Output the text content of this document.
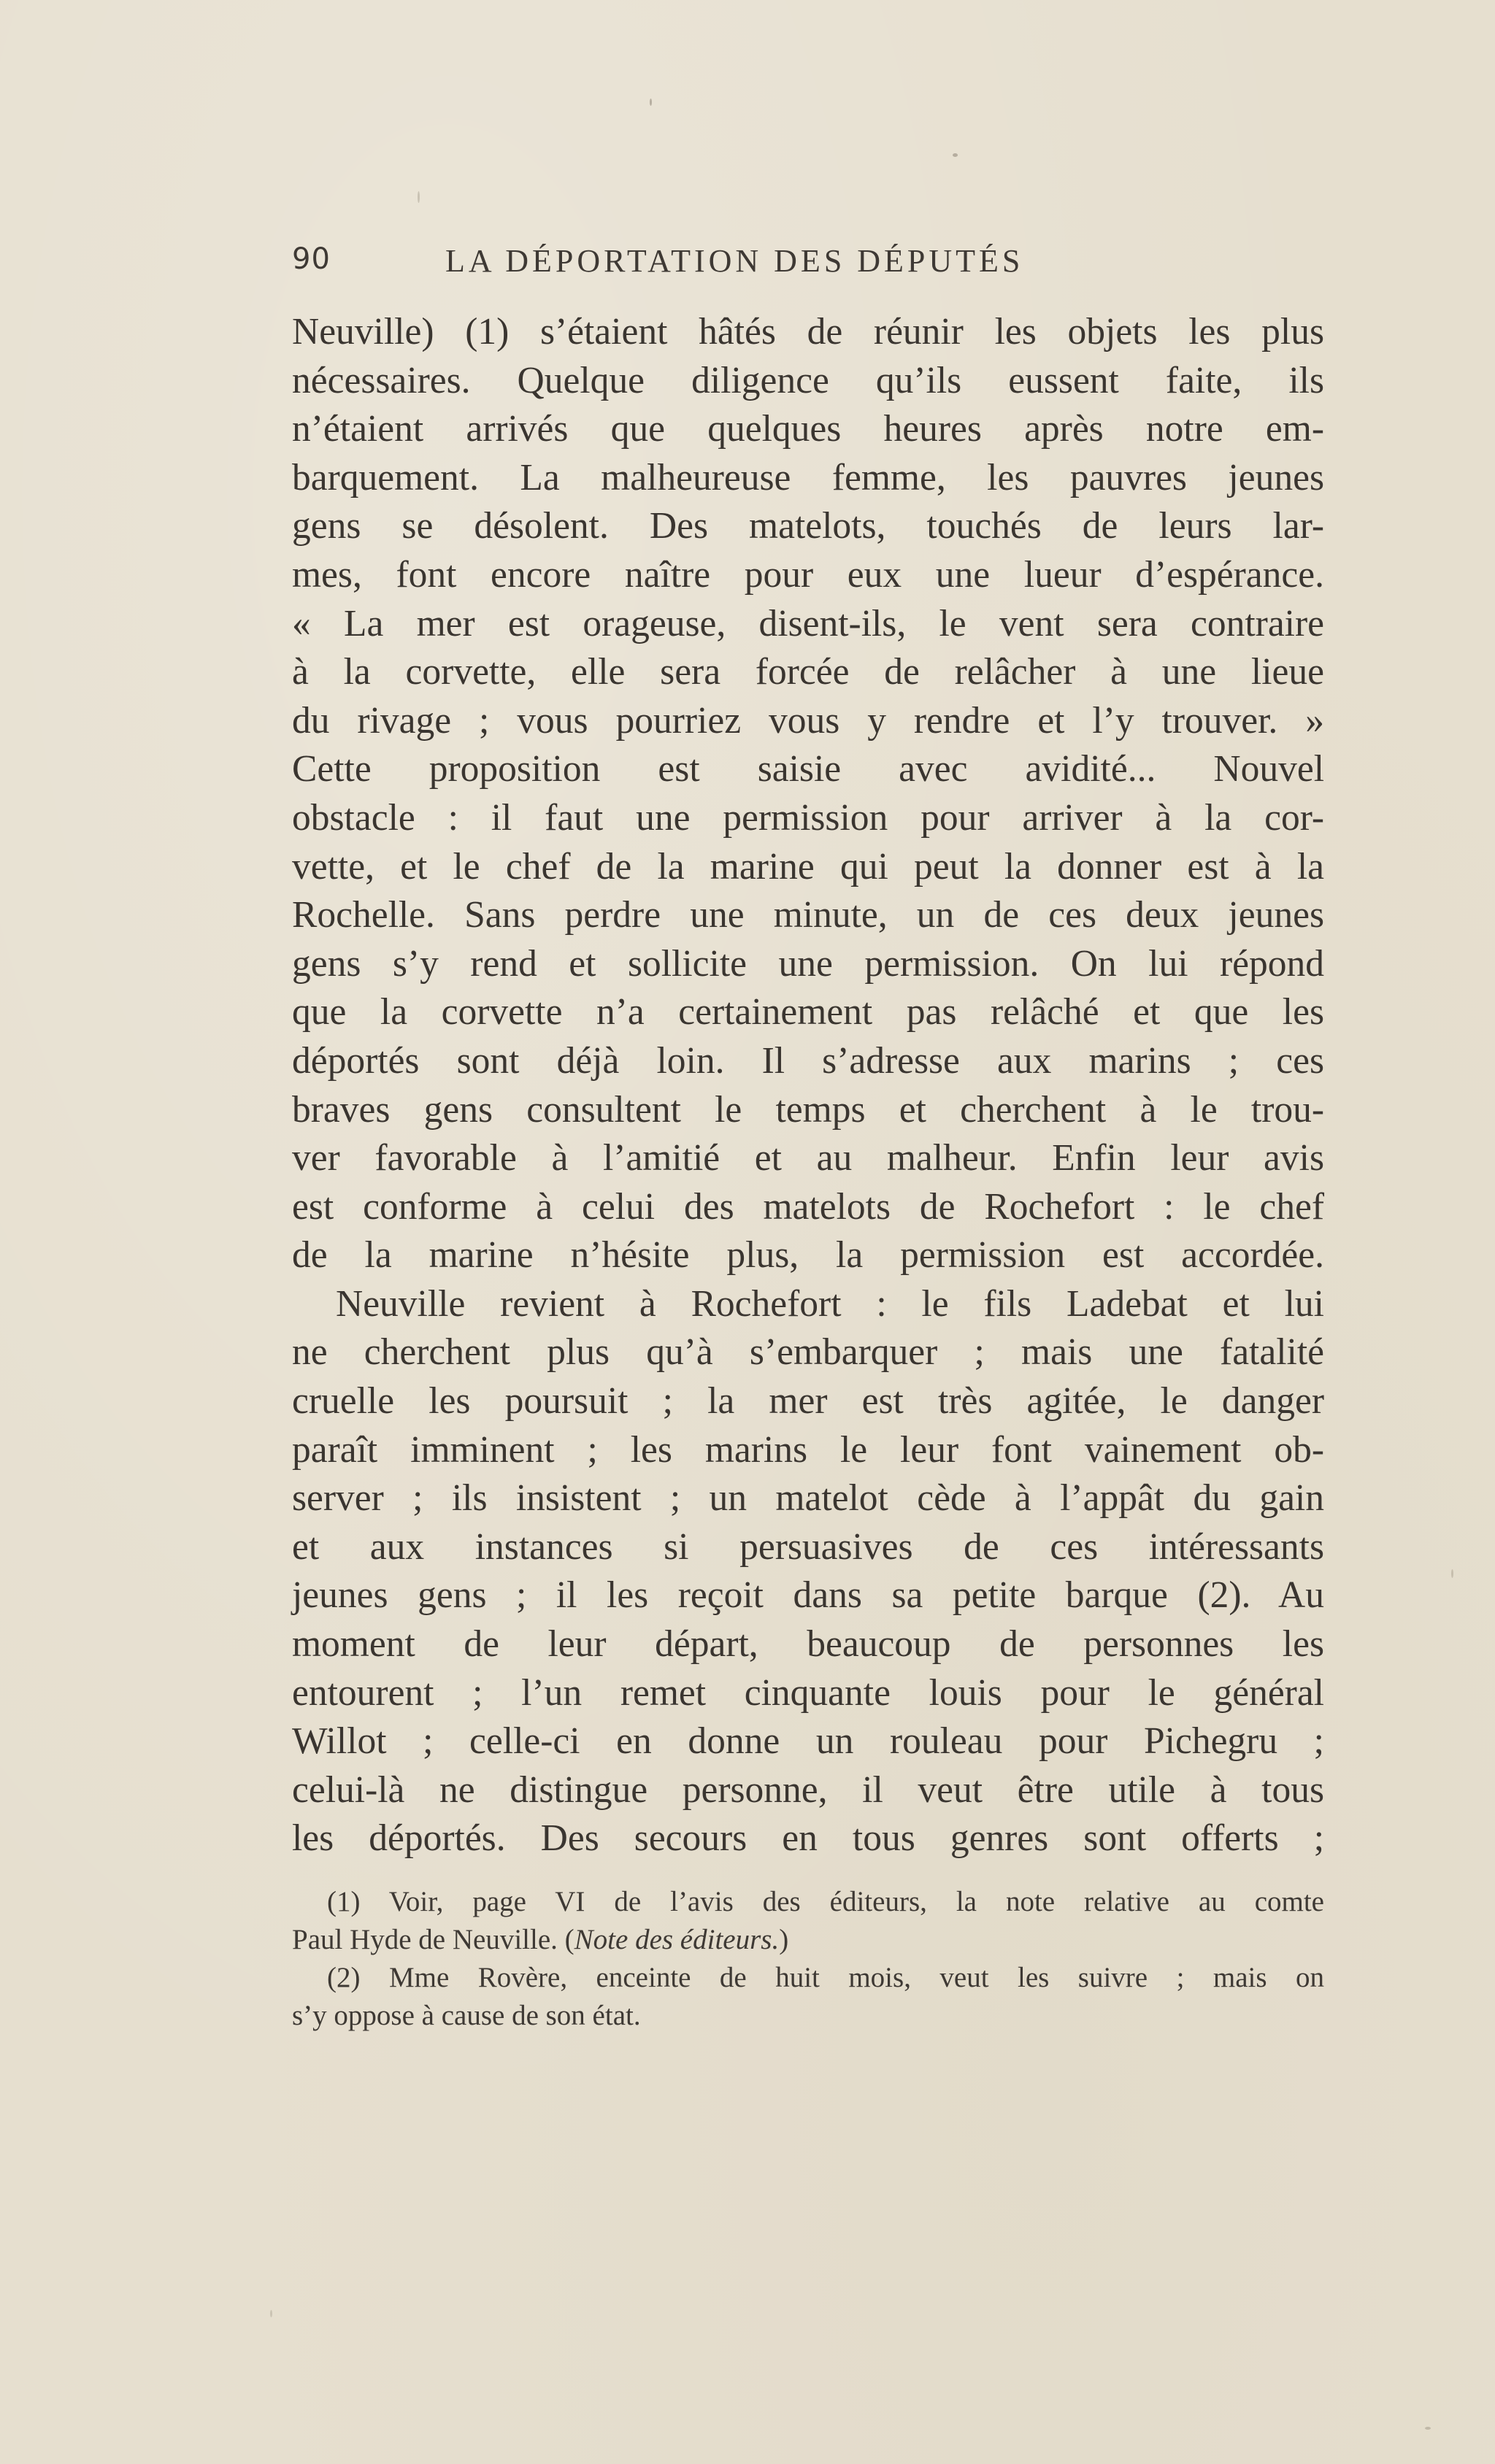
90	LA DÉPORTATION DES DÉPUTÉS
Neuville) (1) s’étaient hâtés de réunir les objets les plus
nécessaires. Quelque diligence qu’ils eussent faite, ils
n’étaient arrivés que quelques heures après notre em-
barquement. La malheureuse femme, les pauvres jeunes
gens se désolent. Des matelots, touchés de leurs lar-
mes, font encore naître pour eux une lueur d’espérance.
« La mer est orageuse, disent-ils, le vent sera contraire
à la corvette, elle sera forcée de relâcher à une lieue
du rivage ; vous pourriez vous y rendre et l’y trouver. »
Cette proposition est saisie avec avidité... Nouvel
obstacle : il faut une permission pour arriver à la cor-
vette, et le chef de la marine qui peut la donner est à la
Rochelle. Sans perdre une minute, un de ces deux jeunes
gens s’y rend et sollicite une permission. On lui répond
que la corvette n’a certainement pas relâché et que les
déportés sont déjà loin. Il s’adresse aux marins ; ces
braves gens consultent le temps et cherchent à le trou-
ver favorable à l’amitié et au malheur. Enfin leur avis
est conforme à celui des matelots de Rochefort : le chef
de la marine n’hésite plus, la permission est accordée.
Neuville revient à Rochefort : le fils Ladebat et lui
ne cherchent plus qu’à s’embarquer ; mais une fatalité
cruelle les poursuit ; la mer est très agitée, le danger
paraît imminent ; les marins le leur font vainement ob-
server ; ils insistent ; un matelot cède à l’appât du gain
et aux instances si persuasives de ces intéressants
jeunes gens ; il les reçoit dans sa petite barque (2). Au
moment de leur départ, beaucoup de personnes les
entourent ; l’un remet cinquante louis pour le général
Willot ; celle-ci en donne un rouleau pour Pichegru ;
celui-là ne distingue personne, il veut être utile à tous
les déportés. Des secours en tous genres sont offerts ;
(1) Voir, page VI de l’avis des éditeurs, la note relative au comte
Paul Hyde de Neuville. (Note des éditeurs.)
(2) Mme Rovère, enceinte de huit mois, veut les suivre ; mais on
s’y oppose à cause de son état.
